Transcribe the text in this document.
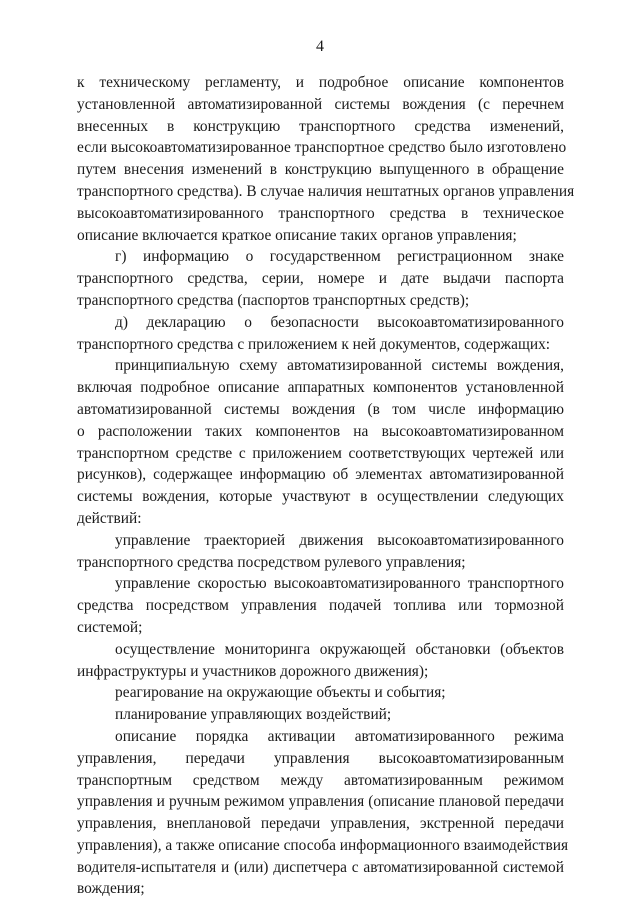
4
к техническому регламенту, и подробное описание компонентов
установленной автоматизированной системы вождения (с перечнем
внесенных в конструкцию транспортного средства изменений,
если высокоавтоматизированное транспортное средство было изготовлено
путем внесения изменений в конструкцию выпущенного в обращение
транспортного средства). В случае наличия нештатных органов управления
высокоавтоматизированного транспортного средства в техническое
описание включается краткое описание таких органов управления;
г) информацию о государственном регистрационном знаке
транспортного средства, серии, номере и дате выдачи паспорта
транспортного средства (паспортов транспортных средств);
д) декларацию о безопасности высокоавтоматизированного
транспортного средства с приложением к ней документов, содержащих:
принципиальную схему автоматизированной системы вождения,
включая подробное описание аппаратных компонентов установленной
автоматизированной системы вождения (в том числе информацию
о расположении таких компонентов на высокоавтоматизированном
транспортном средстве с приложением соответствующих чертежей или
рисунков), содержащее информацию об элементах автоматизированной
системы вождения, которые участвуют в осуществлении следующих
действий:
управление траекторией движения высокоавтоматизированного
транспортного средства посредством рулевого управления;
управление скоростью высокоавтоматизированного транспортного
средства посредством управления подачей топлива или тормозной
системой;
осуществление мониторинга окружающей обстановки (объектов
инфраструктуры и участников дорожного движения);
реагирование на окружающие объекты и события;
планирование управляющих воздействий;
описание порядка активации автоматизированного режима
управления, передачи управления высокоавтоматизированным
транспортным средством между автоматизированным режимом
управления и ручным режимом управления (описание плановой передачи
управления, внеплановой передачи управления, экстренной передачи
управления), а также описание способа информационного взаимодействия
водителя-испытателя и (или) диспетчера с автоматизированной системой
вождения;
